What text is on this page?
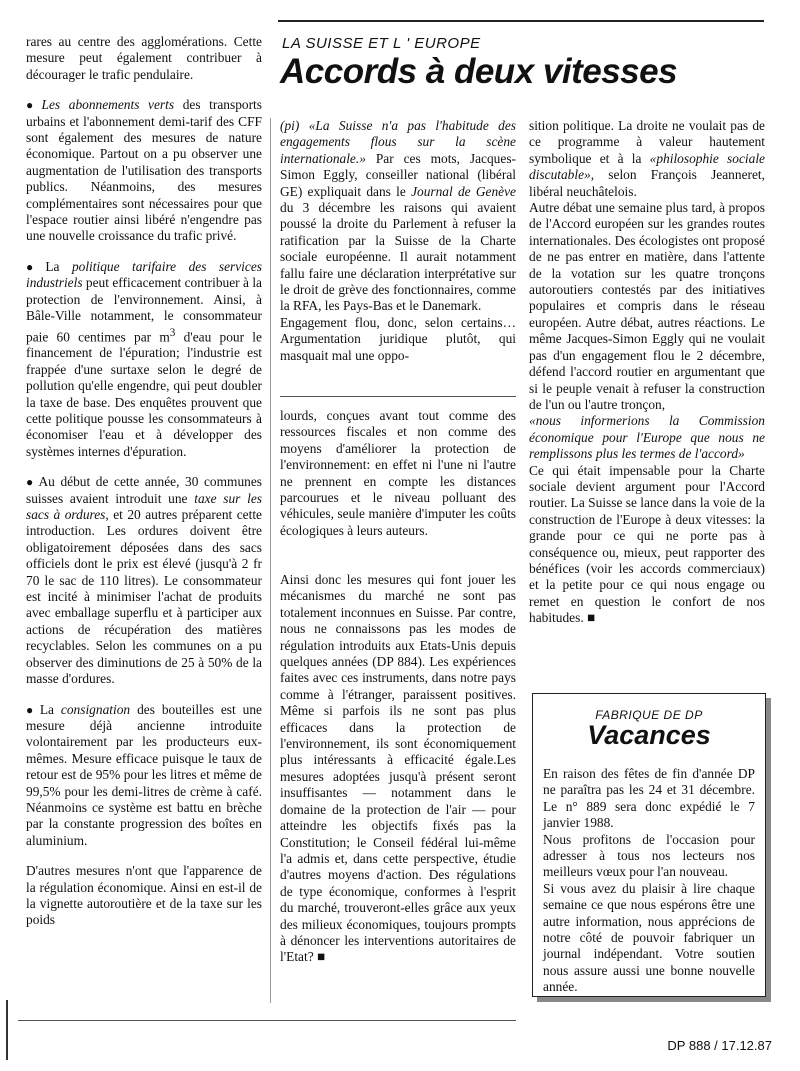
rares au centre des agglomérations. Cette mesure peut également contribuer à décourager le trafic pendulaire.

● Les abonnements verts des transports urbains et l'abonnement demi-tarif des CFF sont également des mesures de nature économique. Partout on a pu observer une augmentation de l'utilisation des transports publics. Néanmoins, des mesures complémentaires sont nécessaires pour que l'espace routier ainsi libéré n'engendre pas une nouvelle croissance du trafic privé.

● La politique tarifaire des services industriels peut efficacement contribuer à la protection de l'environnement. Ainsi, à Bâle-Ville notamment, le consommateur paie 60 centimes par $m^3$ d'eau pour le financement de l'épuration; l'industrie est frappée d'une surtaxe selon le degré de pollution qu'elle engendre, qui peut doubler la taxe de base. Des enquêtes prouvent que cette politique pousse les consommateurs à économiser l'eau et à développer des systèmes internes d'épuration.

● Au début de cette année, 30 communes suisses avaient introduit une taxe sur les sacs à ordures, et 20 autres préparent cette introduction. Les ordures doivent être obligatoirement déposées dans des sacs officiels dont le prix est élevé (jusqu'à 2 fr 70 le sac de 110 litres). Le consommateur est incité à minimiser l'achat de produits avec emballage superflu et à participer aux actions de récupération des matières recyclables. Selon les communes on a pu observer des diminutions de 25 à 50% de la masse d'ordures.

● La consignation des bouteilles est une mesure déjà ancienne introduite volontairement par les producteurs eux-mêmes. Mesure efficace puisque le taux de retour est de 95% pour les litres et même de 99,5% pour les demi-litres de crème à café. Néanmoins ce système est battu en brèche par la constante progression des boîtes en aluminium.

D'autres mesures n'ont que l'apparence de la régulation économique. Ainsi en est-il de la vignette autoroutière et de la taxe sur les poids

LA SUISSE ET L ' EUROPE
Accords à deux vitesses

(pi) «La Suisse n'a pas l'habitude des engagements flous sur la scène internationale.» Par ces mots, Jacques-Simon Eggly, conseiller national (libéral GE) expliquait dans le Journal de Genève du 3 décembre les raisons qui avaient poussé la droite du Parlement à refuser la ratification par la Suisse de la Charte sociale européenne. Il aurait notamment fallu faire une déclaration interprétative sur le droit de grève des fonctionnaires, comme la RFA, les Pays-Bas et le Danemark.

Engagement flou, donc, selon certains… Argumentation juridique plutôt, qui masquait mal une oppo-

sition politique. La droite ne voulait pas de ce programme à valeur hautement symbolique et à la «philosophie sociale discutable», selon François Jeanneret, libéral neuchâtelois.

Autre débat une semaine plus tard, à propos de l'Accord européen sur les grandes routes internationales. Des écologistes ont proposé de ne pas entrer en matière, dans l'attente de la votation sur les quatre tronçons autoroutiers contestés par des initiatives populaires et compris dans le réseau européen. Autre débat, autres réactions. Le même Jacques-Simon Eggly qui ne voulait pas d'un engagement flou le 2 décembre, défend l'accord routier en argumentant que si le peuple venait à refuser la construction de l'un ou l'autre tronçon,

«nous informerions la Commission économique pour l'Europe que nous ne remplissons plus les termes de l'accord»

Ce qui était impensable pour la Charte sociale devient argument pour l'Accord routier. La Suisse se lance dans la voie de la construction de l'Europe à deux vitesses: la grande pour ce qui ne porte pas à conséquence ou, mieux, peut rapporter des bénéfices (voir les accords commerciaux) et la petite pour ce qui nous engage ou remet en question le confort de nos habitudes. ■

lourds, conçues avant tout comme des ressources fiscales et non comme des moyens d'améliorer la protection de l'environnement: en effet ni l'une ni l'autre ne prennent en compte les distances parcourues et le niveau polluant des véhicules, seule manière d'imputer les coûts écologiques à leurs auteurs.

Ainsi donc les mesures qui font jouer les mécanismes du marché ne sont pas totalement inconnues en Suisse. Par contre, nous ne connaissons pas les modes de régulation introduits aux Etats-Unis depuis quelques années (DP 884). Les expériences faites avec ces instruments, dans notre pays comme à l'étranger, paraissent positives. Même si parfois ils ne sont pas plus efficaces dans la protection de l'environnement, ils sont économiquement plus intéressants à efficacité égale.Les mesures adoptées jusqu'à présent seront insuffisantes — notamment dans le domaine de la protection de l'air — pour atteindre les objectifs fixés pas la Constitution; le Conseil fédéral lui-même l'a admis et, dans cette perspective, étudie d'autres moyens d'action. Des régulations de type économique, conformes à l'esprit du marché, trouveront-elles grâce aux yeux des milieux économiques, toujours prompts à dénoncer les interventions autoritaires de l'Etat? ■

FABRIQUE DE DP
Vacances

En raison des fêtes de fin d'année DP ne paraîtra pas les 24 et 31 décembre. Le n° 889 sera donc expédié le 7 janvier 1988.

Nous profitons de l'occasion pour adresser à tous nos lecteurs nos meilleurs vœux pour l'an nouveau.

Si vous avez du plaisir à lire chaque semaine ce que nous espérons être une autre information, nous apprécions de notre côté de pouvoir fabriquer un journal indépendant. Votre soutien nous assure aussi une bonne nouvelle année.

DP 888 / 17.12.87
